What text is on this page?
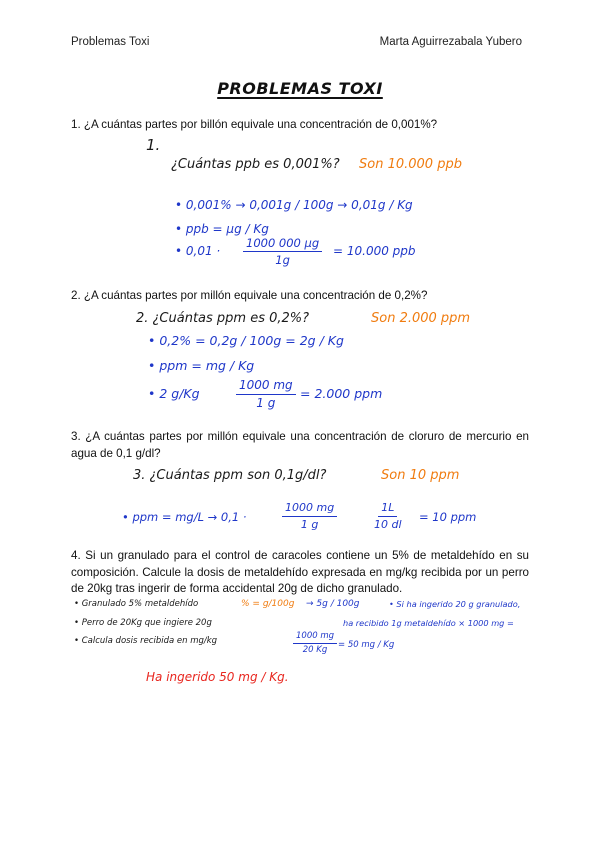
Problemas Toxi	Marta Aguirrezabala Yubero
PROBLEMAS TOXI
1. ¿A cuántas partes por billón equivale una concentración de 0,001%?
1.
¿Cuántas ppb es 0,001%? Son 10.000 ppb
• 0,001% → 0,001g / 100g → 0,01g / Kg
• ppb = μg / Kg
• $0,01 \cdot \frac{1000 000 \mu g}{1g} = 10.000$ ppb
2. ¿A cuántas partes por millón equivale una concentración de 0,2%?
2. ¿Cuántas ppm es 0,2%?	Son 2.000 ppm
• 0,2% = 0,2g / 100g = 2g / Kg
• ppm = mg / Kg
• 2 g/Kg	$\frac{1000 mg}{1 g} = 2.000$ ppm
3. ¿A cuántas partes por millón equivale una concentración de cloruro de mercurio en agua de 0,1 g/dl?
3. ¿Cuántas ppm son 0,1g/dl?	Son 10 ppm
• ppm = mg/L → 0,1 ·	$\frac{1000 mg}{1 g}$	$\frac{1L}{10 dl} = 10$ ppm
4. Si un granulado para el control de caracoles contiene un 5% de metaldehído en su composición. Calcule la dosis de metaldehído expresada en mg/kg recibida por un perro de 20kg tras ingerir de forma accidental 20g de dicho granulado.
• Granulado 5% metaldehído
• Perro de 20Kg que ingiere 20g
• Calcula dosis recibida en mg/kg
% = g/100g → 5g / 100g	• Si ha ingerido 20 g granulado,
ha recibido 1g metaldehído × 1000 mg =
$\frac{1000 mg}{20 Kg} = 50$ mg / Kg
Ha ingerido 50 mg / Kg.
